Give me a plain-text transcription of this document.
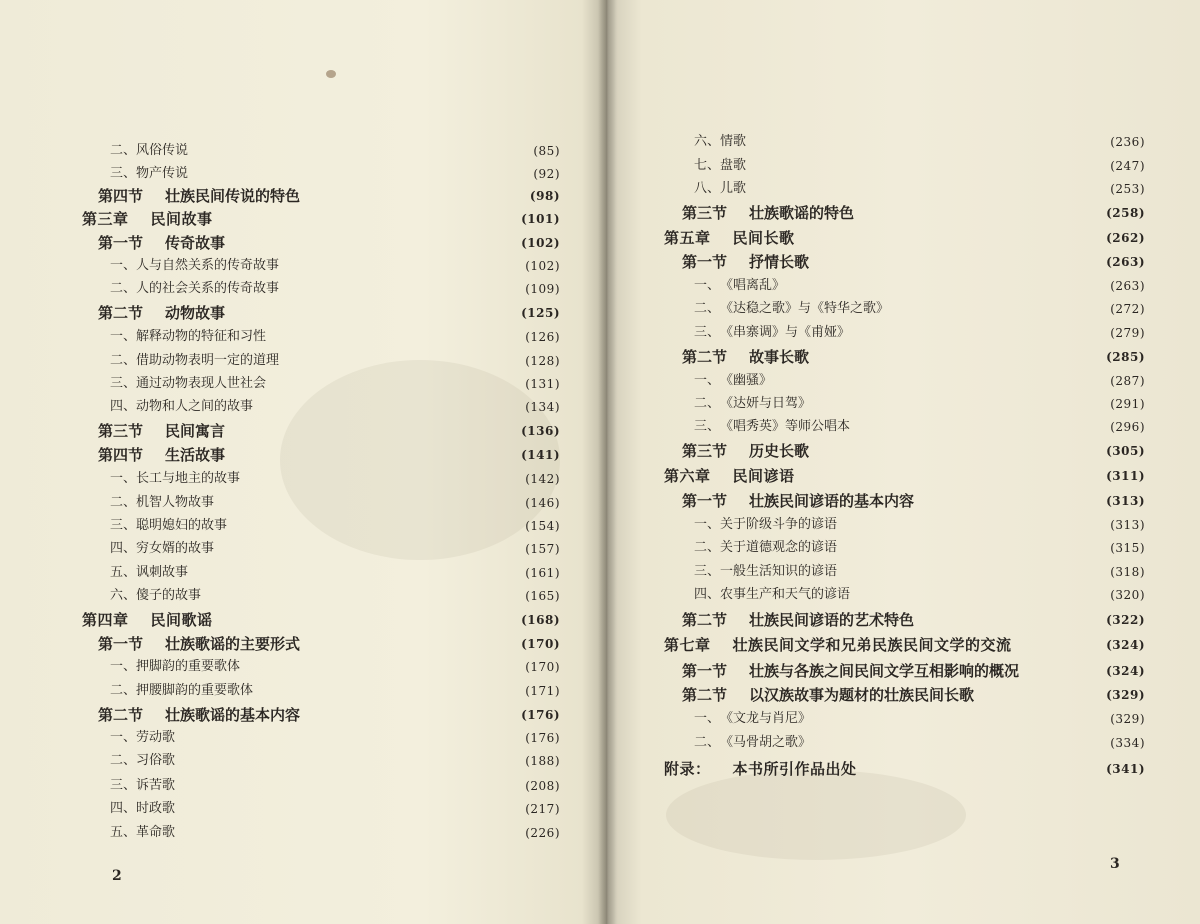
二、风俗传说	( 85 )
三、物产传说	( 92 )
第四节 壮族民间传说的特色	( 98 )
第三章 民间故事	( 101 )
第一节 传奇故事	( 102 )
一、人与自然关系的传奇故事	( 102 )
二、人的社会关系的传奇故事	( 109 )
第二节 动物故事	( 125 )
一、解释动物的特征和习性	( 126 )
二、借助动物表明一定的道理	( 128 )
三、通过动物表现人世社会	( 131 )
四、动物和人之间的故事	( 134 )
第三节 民间寓言	( 136 )
第四节 生活故事	( 141 )
一、长工与地主的故事	( 142 )
二、机智人物故事	( 146 )
三、聪明媳妇的故事	( 154 )
四、穷女婿的故事	( 157 )
五、讽刺故事	( 161 )
六、傻子的故事	( 165 )
第四章 民间歌谣	( 168 )
第一节 壮族歌谣的主要形式	( 170 )
一、押脚韵的重要歌体	( 170 )
二、押腰脚韵的重要歌体	( 171 )
第二节 壮族歌谣的基本内容	( 176 )
一、劳动歌	( 176 )
二、习俗歌	( 188 )
三、诉苦歌	( 208 )
四、时政歌	( 217 )
五、革命歌	( 226 )
六、情歌	( 236 )
七、盘歌	( 247 )
八、儿歌	( 253 )
第三节 壮族歌谣的特色	( 258 )
第五章 民间长歌	( 262 )
第一节 抒情长歌	( 263 )
一、《唱离乱》	( 263 )
二、《达稳之歌》与《特华之歌》	( 272 )
三、《串寨调》与《甫娅》	( 279 )
第二节 故事长歌	( 285 )
一、《幽骚》	( 287 )
二、《达妍与日驾》	( 291 )
三、《唱秀英》等师公唱本	( 296 )
第三节 历史长歌	( 305 )
第六章 民间谚语	( 311 )
第一节 壮族民间谚语的基本内容	( 313 )
一、关于阶级斗争的谚语	( 313 )
二、关于道德观念的谚语	( 315 )
三、一般生活知识的谚语	( 318 )
四、农事生产和天气的谚语	( 320 )
第二节 壮族民间谚语的艺术特色	( 322 )
第七章 壮族民间文学和兄弟民族民间文学的交流	( 324 )
第一节 壮族与各族之间民间文学互相影响的概况	( 324 )
第二节 以汉族故事为题材的壮族民间长歌	( 329 )
一、《文龙与肖尼》	( 329 )
二、《马骨胡之歌》	( 334 )
附录： 本书所引作品出处	( 341 )
2
3
